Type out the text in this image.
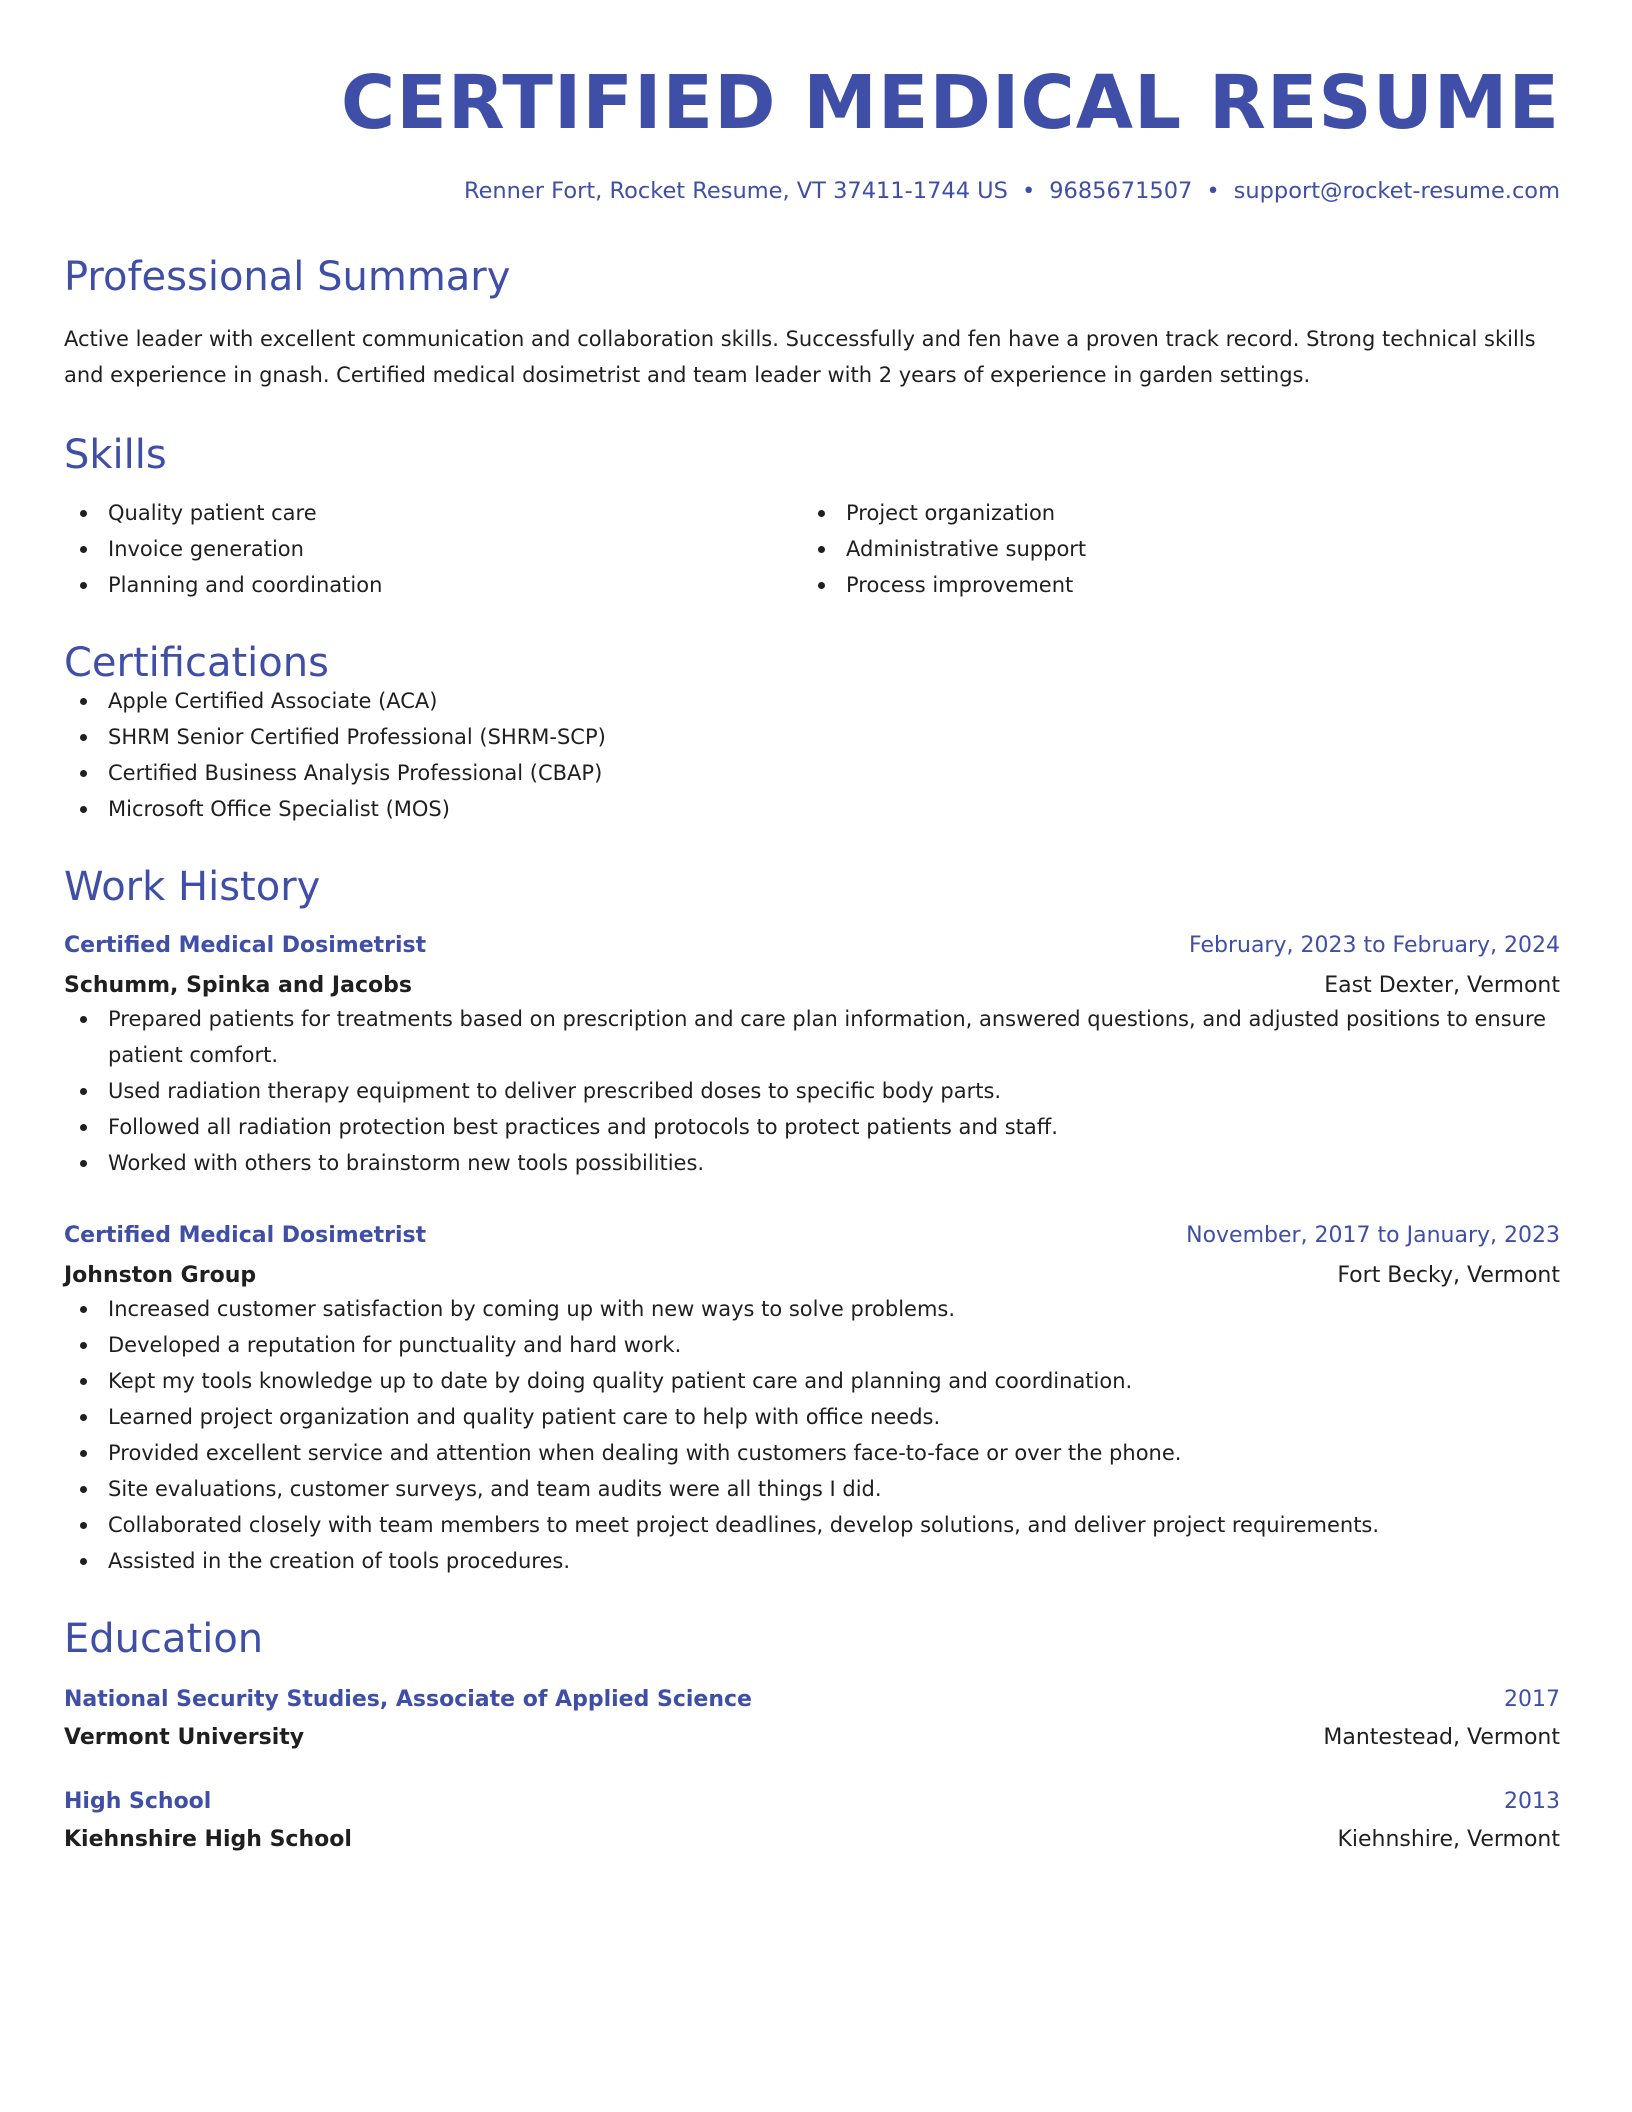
CERTIFIED MEDICAL RESUME
Renner Fort, Rocket Resume, VT 37411-1744 US • 9685671507 • support@rocket-resume.com
Professional Summary
Active leader with excellent communication and collaboration skills. Successfully and fen have a proven track record. Strong technical skills and experience in gnash. Certified medical dosimetrist and team leader with 2 years of experience in garden settings.
Skills
Quality patient care
Invoice generation
Planning and coordination
Project organization
Administrative support
Process improvement
Certifications
Apple Certified Associate (ACA)
SHRM Senior Certified Professional (SHRM-SCP)
Certified Business Analysis Professional (CBAP)
Microsoft Office Specialist (MOS)
Work History
Certified Medical Dosimetrist	February, 2023 to February, 2024
Schumm, Spinka and Jacobs	East Dexter, Vermont
Prepared patients for treatments based on prescription and care plan information, answered questions, and adjusted positions to ensure patient comfort.
Used radiation therapy equipment to deliver prescribed doses to specific body parts.
Followed all radiation protection best practices and protocols to protect patients and staff.
Worked with others to brainstorm new tools possibilities.
Certified Medical Dosimetrist	November, 2017 to January, 2023
Johnston Group	Fort Becky, Vermont
Increased customer satisfaction by coming up with new ways to solve problems.
Developed a reputation for punctuality and hard work.
Kept my tools knowledge up to date by doing quality patient care and planning and coordination.
Learned project organization and quality patient care to help with office needs.
Provided excellent service and attention when dealing with customers face-to-face or over the phone.
Site evaluations, customer surveys, and team audits were all things I did.
Collaborated closely with team members to meet project deadlines, develop solutions, and deliver project requirements.
Assisted in the creation of tools procedures.
Education
National Security Studies, Associate of Applied Science	2017
Vermont University	Mantestead, Vermont
High School	2013
Kiehnshire High School	Kiehnshire, Vermont
